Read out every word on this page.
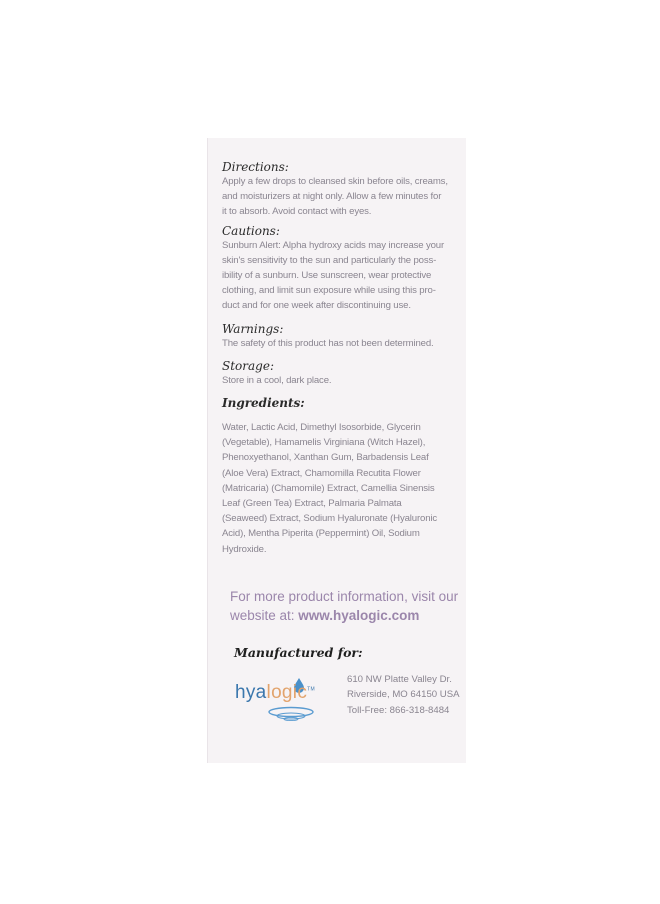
Directions:

Apply a few drops to cleansed skin before oils, creams,

and moisturizers at night only. Allow a few minutes for

it to absorb. Avoid contact with eyes.

Cautions:

Sunburn Alert: Alpha hydroxy acids may increase your

skin's sensitivity to the sun and particularly the poss-

ibility of a sunburn. Use sunscreen, wear protective

clothing, and limit sun exposure while using this pro-

duct and for one week after discontinuing use.

Warnings:

The safety of this product has not been determined.

Storage:

Store in a cool, dark place.

Ingredients:

Water, Lactic Acid, Dimethyl Isosorbide, Glycerin

(Vegetable), Hamamelis Virginiana (Witch Hazel),

Phenoxyethanol, Xanthan Gum, Barbadensis Leaf

(Aloe Vera) Extract, Chamomilla Recutita Flower

(Matricaria) (Chamomile) Extract, Camellia Sinensis

Leaf (Green Tea) Extract, Palmaria Palmata

(Seaweed) Extract, Sodium Hyaluronate (Hyaluronic

Acid), Mentha Piperita (Peppermint) Oil, Sodium

Hydroxide.

For more product information, visit our
website at: www.hyalogic.com
Manufactured for:
hyalogic™
610 NW Platte Valley Dr.
Riverside, MO 64150 USA
Toll-Free: 866-318-8484
